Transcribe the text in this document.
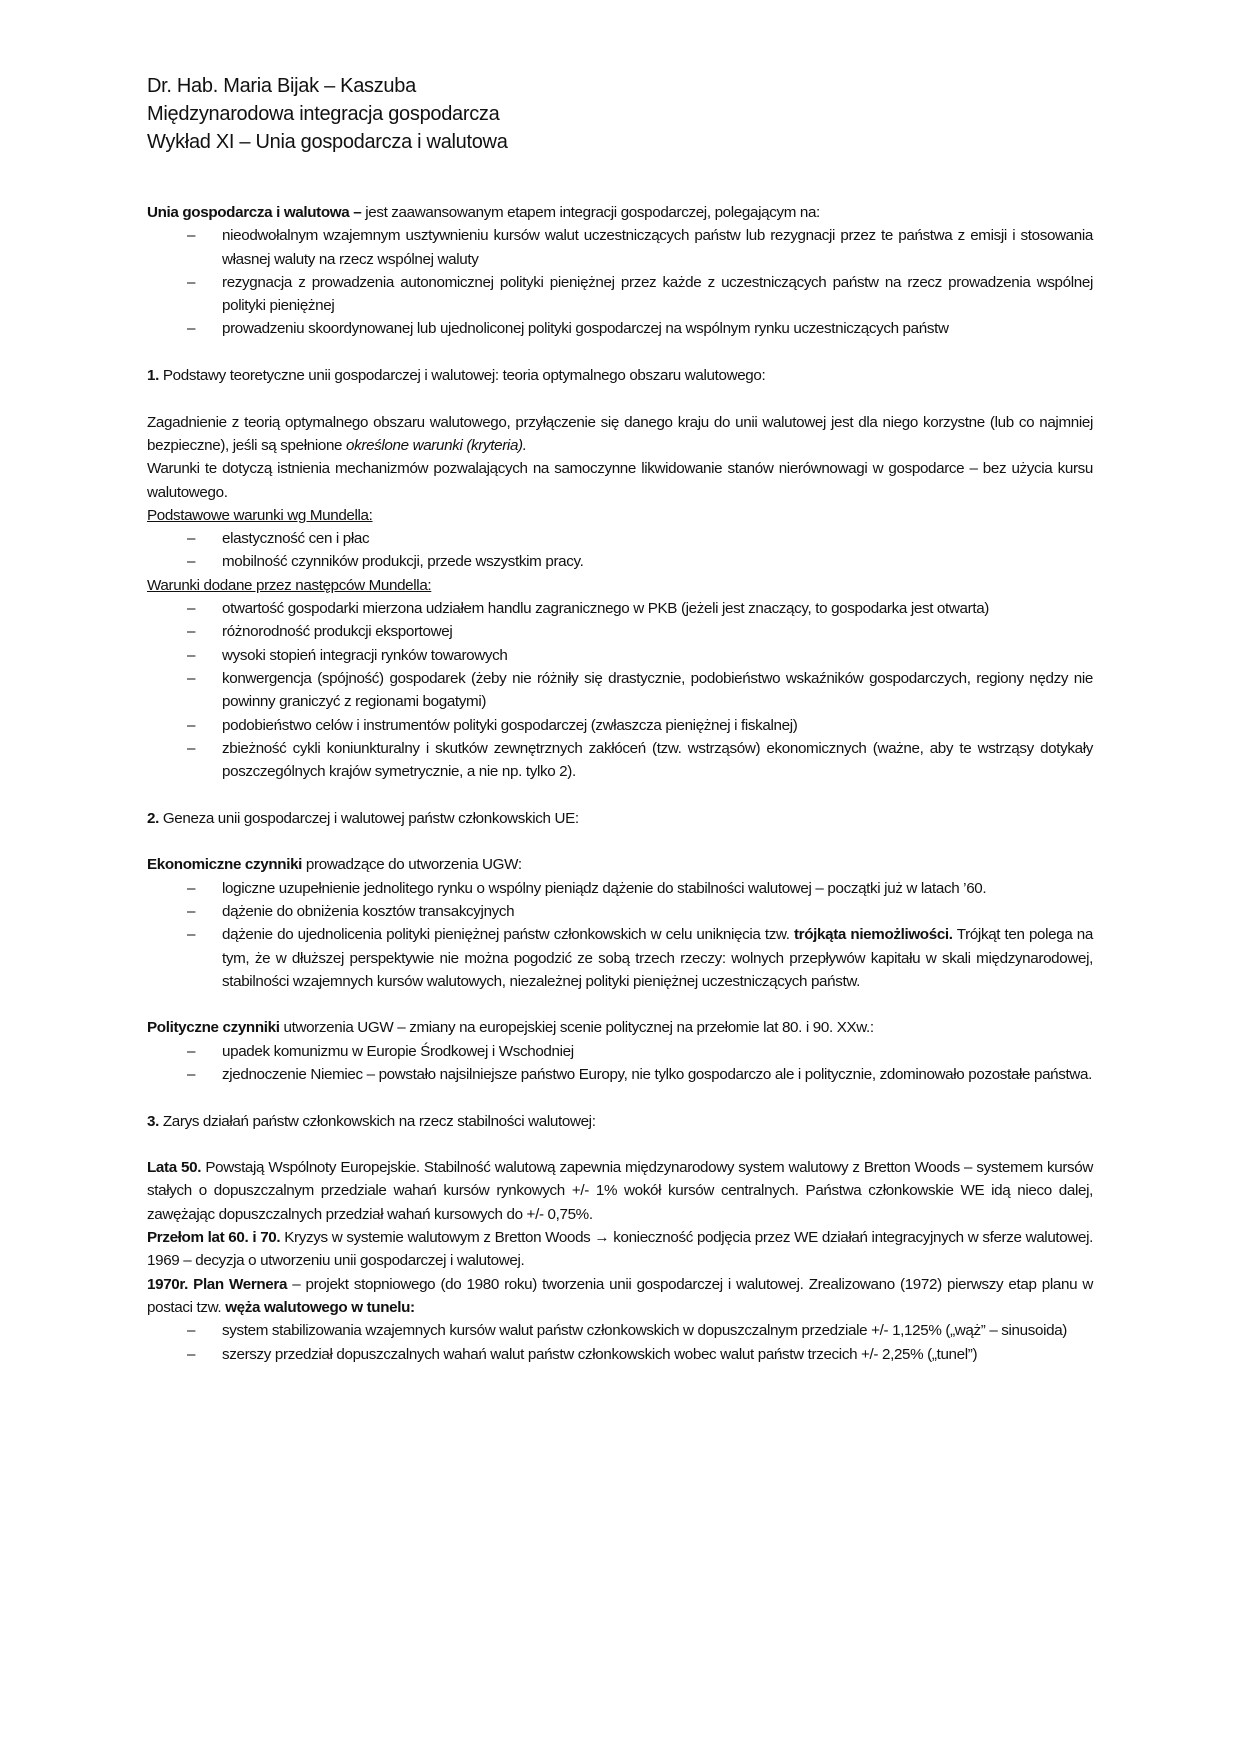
Dr. Hab. Maria Bijak – Kaszuba
Międzynarodowa integracja gospodarcza
Wykład XI – Unia gospodarcza i walutowa
Unia gospodarcza i walutowa – jest zaawansowanym etapem integracji gospodarczej, polegającym na:
– nieodwołalnym wzajemnym usztywnieniu kursów walut uczestniczących państw lub rezygnacji przez te państwa z emisji i stosowania własnej waluty na rzecz wspólnej waluty
– rezygnacja z prowadzenia autonomicznej polityki pieniężnej przez każde z uczestniczących państw na rzecz prowadzenia wspólnej polityki pieniężnej
– prowadzeniu skoordynowanej lub ujednoliconej polityki gospodarczej na wspólnym rynku uczestniczących państw
1. Podstawy teoretyczne unii gospodarczej i walutowej: teoria optymalnego obszaru walutowego:
Zagadnienie z teorią optymalnego obszaru walutowego, przyłączenie się danego kraju do unii walutowej jest dla niego korzystne (lub co najmniej bezpieczne), jeśli są spełnione określone warunki (kryteria).
Warunki te dotyczą istnienia mechanizmów pozwalających na samoczynne likwidowanie stanów nierównowagi w gospodarce – bez użycia kursu walutowego.
Podstawowe warunki wg Mundella:
– elastyczność cen i płac
– mobilność czynników produkcji, przede wszystkim pracy.
Warunki dodane przez następców Mundella:
– otwartość gospodarki mierzona udziałem handlu zagranicznego w PKB (jeżeli jest znaczący, to gospodarka jest otwarta)
– różnorodność produkcji eksportowej
– wysoki stopień integracji rynków towarowych
– konwergencja (spójność) gospodarek (żeby nie różniły się drastycznie, podobieństwo wskaźników gospodarczych, regiony nędzy nie powinny graniczyć z regionami bogatymi)
– podobieństwo celów i instrumentów polityki gospodarczej (zwłaszcza pieniężnej i fiskalnej)
– zbieżność cykli koniunkturalny i skutków zewnętrznych zakłóceń (tzw. wstrząsów) ekonomicznych (ważne, aby te wstrząsy dotykały poszczególnych krajów symetrycznie, a nie np. tylko 2).
2. Geneza unii gospodarczej i walutowej państw członkowskich UE:
Ekonomiczne czynniki prowadzące do utworzenia UGW:
– logiczne uzupełnienie jednolitego rynku o wspólny pieniądz dążenie do stabilności walutowej – początki już w latach ’60.
– dążenie do obniżenia kosztów transakcyjnych
– dążenie do ujednolicenia polityki pieniężnej państw członkowskich w celu uniknięcia tzw. trójkąta niemożliwości. Trójkąt ten polega na tym, że w dłuższej perspektywie nie można pogodzić ze sobą trzech rzeczy: wolnych przepływów kapitału w skali międzynarodowej, stabilności wzajemnych kursów walutowych, niezależnej polityki pieniężnej uczestniczących państw.
Polityczne czynniki utworzenia UGW – zmiany na europejskiej scenie politycznej na przełomie lat 80. i 90. XXw.:
– upadek komunizmu w Europie Środkowej i Wschodniej
– zjednoczenie Niemiec – powstało najsilniejsze państwo Europy, nie tylko gospodarczo ale i politycznie, zdominowało pozostałe państwa.
3. Zarys działań państw członkowskich na rzecz stabilności walutowej:
Lata 50. Powstają Wspólnoty Europejskie. Stabilność walutową zapewnia międzynarodowy system walutowy z Bretton Woods – systemem kursów stałych o dopuszczalnym przedziale wahań kursów rynkowych +/- 1% wokół kursów centralnych. Państwa członkowskie WE idą nieco dalej, zawężając dopuszczalnych przedział wahań kursowych do +/- 0,75%.
Przełom lat 60. i 70. Kryzys w systemie walutowym z Bretton Woods → konieczność podjęcia przez WE działań integracyjnych w sferze walutowej. 1969 – decyzja o utworzeniu unii gospodarczej i walutowej.
1970r. Plan Wernera – projekt stopniowego (do 1980 roku) tworzenia unii gospodarczej i walutowej. Zrealizowano (1972) pierwszy etap planu w postaci tzw. węża walutowego w tunelu:
– system stabilizowania wzajemnych kursów walut państw członkowskich w dopuszczalnym przedziale +/- 1,125% („wąż” – sinusoida)
– szerszy przedział dopuszczalnych wahań walut państw członkowskich wobec walut państw trzecich +/- 2,25% („tunel”)
